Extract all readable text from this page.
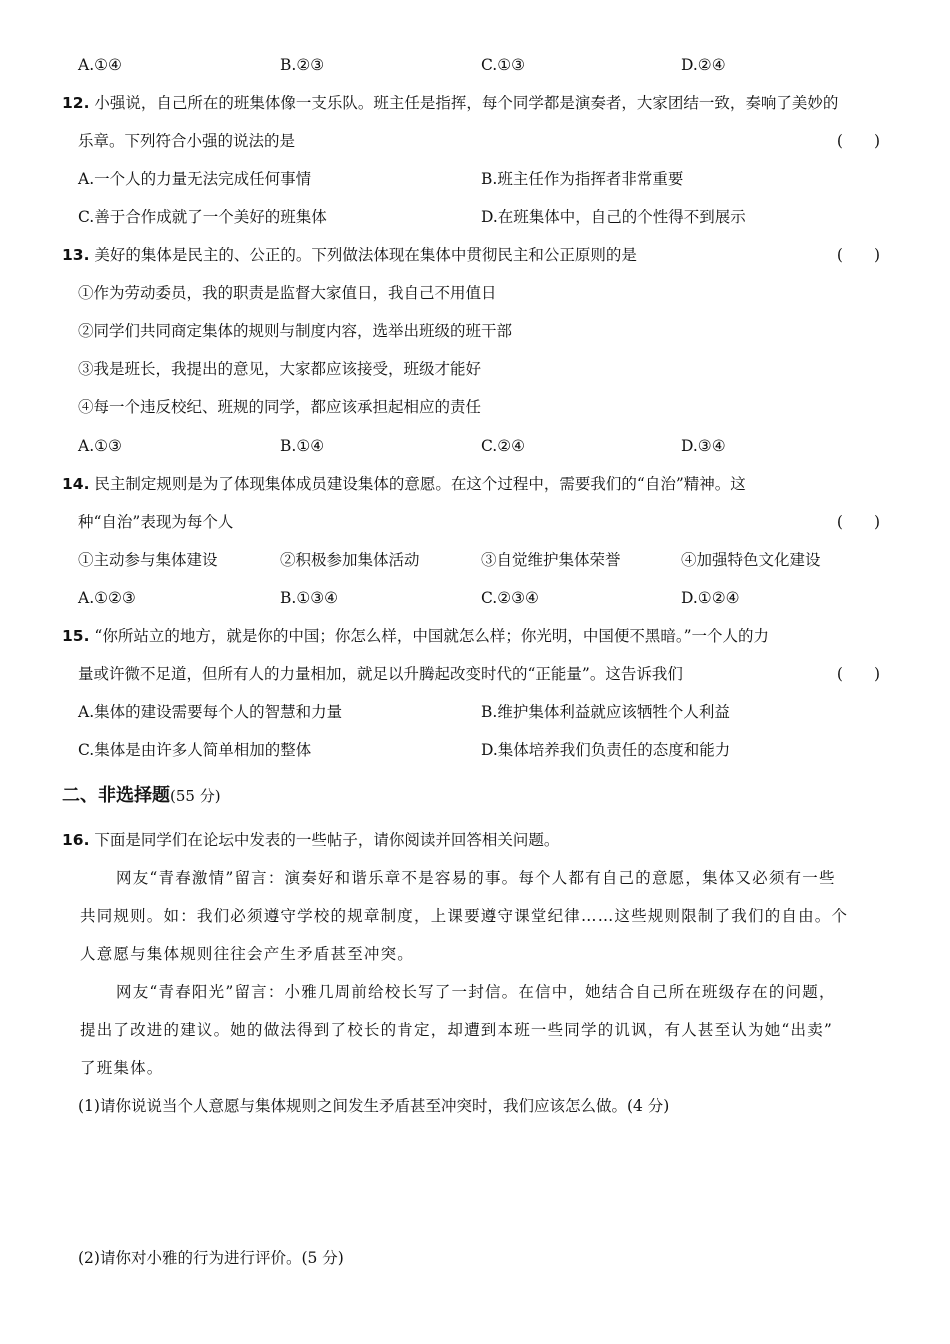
A.①④	B.②③	C.①③	D.②④
12. 小强说，自己所在的班集体像一支乐队。班主任是指挥，每个同学都是演奏者，大家团结一致，奏响了美妙的
乐章。下列符合小强的说法的是	(　　)
A.一个人的力量无法完成任何事情	B.班主任作为指挥者非常重要
C.善于合作成就了一个美好的班集体	D.在班集体中，自己的个性得不到展示
13. 美好的集体是民主的、公正的。下列做法体现在集体中贯彻民主和公正原则的是	(　　)
①作为劳动委员，我的职责是监督大家值日，我自己不用值日
②同学们共同商定集体的规则与制度内容，选举出班级的班干部
③我是班长，我提出的意见，大家都应该接受，班级才能好
④每一个违反校纪、班规的同学，都应该承担起相应的责任
A.①③	B.①④	C.②④	D.③④
14. 民主制定规则是为了体现集体成员建设集体的意愿。在这个过程中，需要我们的“自治”精神。这
种“自治”表现为每个人	(　　)
①主动参与集体建设	②积极参加集体活动	③自觉维护集体荣誉	④加强特色文化建设
A.①②③	B.①③④	C.②③④	D.①②④
15. “你所站立的地方，就是你的中国；你怎么样，中国就怎么样；你光明，中国便不黑暗。”一个人的力
量或许微不足道，但所有人的力量相加，就足以升腾起改变时代的“正能量”。这告诉我们	(　　)
A.集体的建设需要每个人的智慧和力量	B.维护集体利益就应该牺牲个人利益
C.集体是由许多人简单相加的整体	D.集体培养我们负责任的态度和能力
二、非选择题(55 分)
16. 下面是同学们在论坛中发表的一些帖子，请你阅读并回答相关问题。
网友“青春激情”留言：演奏好和谐乐章不是容易的事。每个人都有自己的意愿，集体又必须有一些
共同规则。如：我们必须遵守学校的规章制度，上课要遵守课堂纪律……这些规则限制了我们的自由。个
人意愿与集体规则往往会产生矛盾甚至冲突。
网友“青春阳光”留言：小雅几周前给校长写了一封信。在信中，她结合自己所在班级存在的问题，
提出了改进的建议。她的做法得到了校长的肯定，却遭到本班一些同学的讥讽，有人甚至认为她“出卖”
了班集体。
(1)请你说说当个人意愿与集体规则之间发生矛盾甚至冲突时，我们应该怎么做。(4 分)
(2)请你对小雅的行为进行评价。(5 分)
